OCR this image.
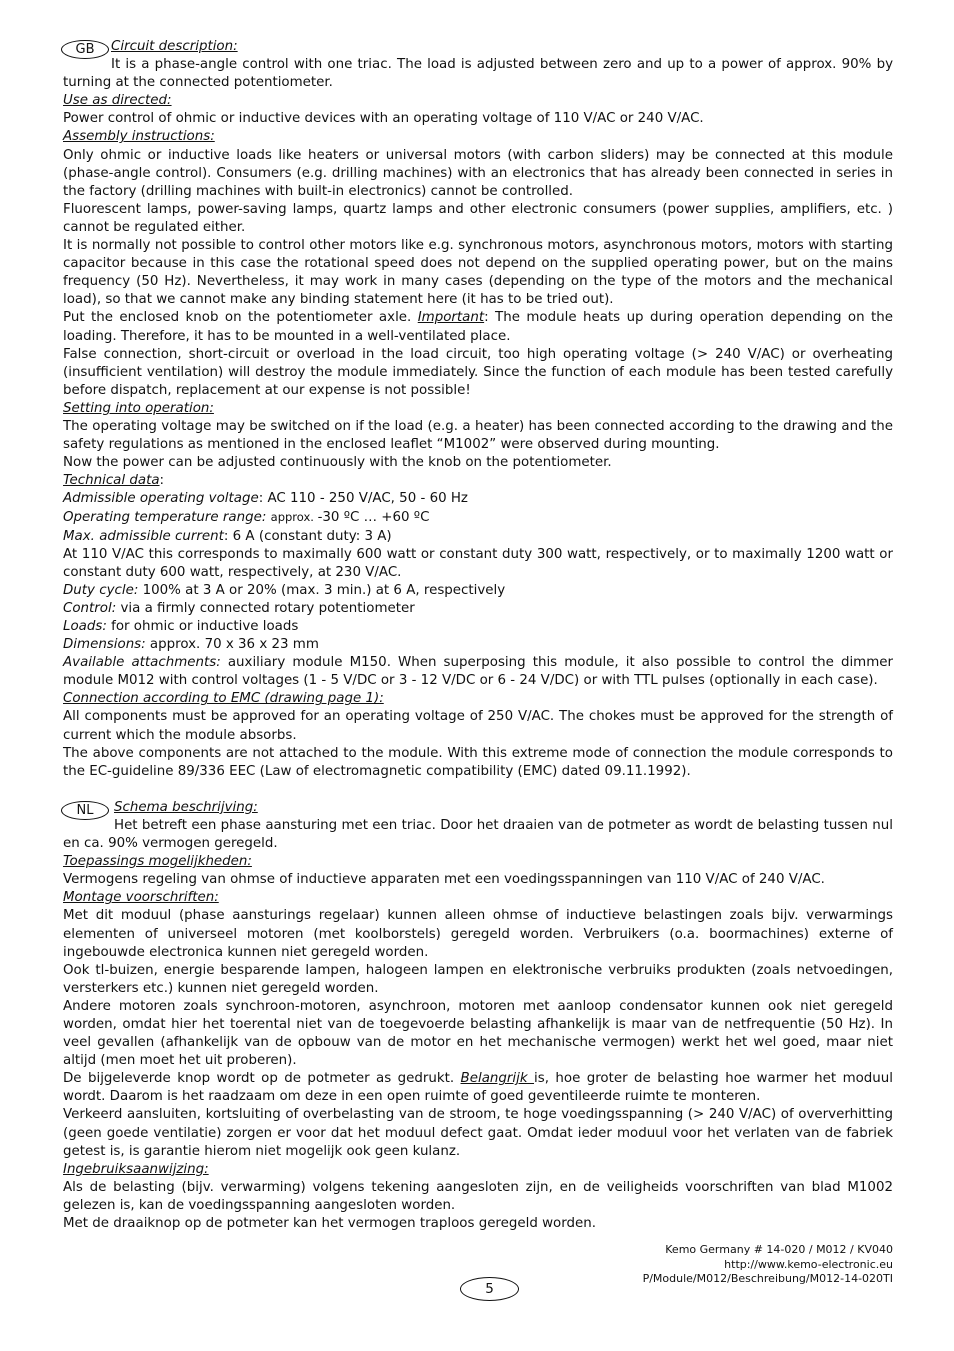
GB	Circuit description:

It is a phase-angle control with one triac. The load is adjusted between zero and up to a power of approx. 90% by turning at the connected potentiometer.

Use as directed:

Power control of ohmic or inductive devices with an operating voltage of 110 V/AC or 240 V/AC.

Assembly instructions:

Only ohmic or inductive loads like heaters or universal motors (with carbon sliders) may be connected at this module (phase-angle control). Consumers (e.g. drilling machines) with an electronics that has already been connected in series in the factory (drilling machines with built-in electronics) cannot be controlled.

Fluorescent lamps, power-saving lamps, quartz lamps and other electronic consumers (power supplies, amplifiers, etc. ) cannot be regulated either.

It is normally not possible to control other motors like e.g. synchronous motors, asynchronous motors, motors with starting capacitor because in this case the rotational speed does not depend on the supplied operating power, but on the mains frequency (50 Hz). Nevertheless, it may work in many cases (depending on the type of the motors and the mechanical load), so that we cannot make any binding statement here (it has to be tried out).

Put the enclosed knob on the potentiometer axle. Important: The module heats up during operation depending on the loading. Therefore, it has to be mounted in a well-ventilated place.

False connection, short-circuit or overload in the load circuit, too high operating voltage (> 240 V/AC) or overheating (insufficient ventilation) will destroy the module immediately. Since the function of each module has been tested carefully before dispatch, replacement at our expense is not possible!

Setting into operation:

The operating voltage may be switched on if the load (e.g. a heater) has been connected according to the drawing and the safety regulations as mentioned in the enclosed leaflet “M1002” were observed during mounting.

Now the power can be adjusted continuously with the knob on the potentiometer.

Technical data:

Admissible operating voltage: AC 110 - 250 V/AC, 50 - 60 Hz

Operating temperature range: approx. -30 ºC … +60 ºC

Max. admissible current: 6 A (constant duty: 3 A)

At 110 V/AC this corresponds to maximally 600 watt or constant duty 300 watt, respectively, or to maximally 1200 watt or constant duty 600 watt, respectively, at 230 V/AC.

Duty cycle: 100% at 3 A or 20% (max. 3 min.) at 6 A, respectively

Control: via a firmly connected rotary potentiometer

Loads: for ohmic or inductive loads

Dimensions: approx. 70 x 36 x 23 mm

Available attachments: auxiliary module M150. When superposing this module, it also possible to control the dimmer module M012 with control voltages (1 - 5 V/DC or 3 - 12 V/DC or 6 - 24 V/DC) or with TTL pulses (optionally in each case).

Connection according to EMC (drawing page 1):

All components must be approved for an operating voltage of 250 V/AC. The chokes must be approved for the strength of current which the module absorbs.

The above components are not attached to the module. With this extreme mode of connection the module corresponds to the EC-guideline 89/336 EEC (Law of electromagnetic compatibility (EMC) dated 09.11.1992).

NL	Schema beschrijving:

Het betreft een phase aansturing met een triac. Door het draaien van de potmeter as wordt de belasting tussen nul en ca. 90% vermogen geregeld.

Toepassings mogelijkheden:

Vermogens regeling van ohmse of inductieve apparaten met een voedingsspanningen van 110 V/AC of 240 V/AC.

Montage voorschriften:

Met dit moduul (phase aansturings regelaar) kunnen alleen ohmse of inductieve belastingen zoals bijv. verwarmings elementen of universeel motoren (met koolborstels) geregeld worden. Verbruikers (o.a. boormachines) externe of ingebouwde electronica kunnen niet geregeld worden.

Ook tl-buizen, energie besparende lampen, halogeen lampen en elektronische verbruiks produkten (zoals netvoedingen, versterkers etc.) kunnen niet geregeld worden.

Andere motoren zoals synchroon-motoren, asynchroon, motoren met aanloop condensator kunnen ook niet geregeld worden, omdat hier het toerental niet van de toegevoerde belasting afhankelijk is maar van de netfrequentie (50 Hz). In veel gevallen (afhankelijk van de opbouw van de motor en het mechanische vermogen) werkt het wel goed, maar niet altijd (men moet het uit proberen).

De bijgeleverde knop wordt op de potmeter as gedrukt. Belangrijk is, hoe groter de belasting hoe warmer het moduul wordt. Daarom is het raadzaam om deze in een open ruimte of goed geventileerde ruimte te monteren.

Verkeerd aansluiten, kortsluiting of overbelasting van de stroom, te hoge voedingsspanning (> 240 V/AC) of oververhitting (geen goede ventilatie) zorgen er voor dat het moduul defect gaat. Omdat ieder moduul voor het verlaten van de fabriek getest is, is garantie hierom niet mogelijk ook geen kulanz.

Ingebruiksaanwijzing:

Als de belasting (bijv. verwarming) volgens tekening aangesloten zijn, en de veiligheids voorschriften van blad M1002 gelezen is, kan de voedingsspanning aangesloten worden.

Met de draaiknop op de potmeter kan het vermogen traploos geregeld worden.

Kemo Germany # 14-020 / M012 / KV040
http://www.kemo-electronic.eu
P/Module/M012/Beschreibung/M012-14-020TI
5
